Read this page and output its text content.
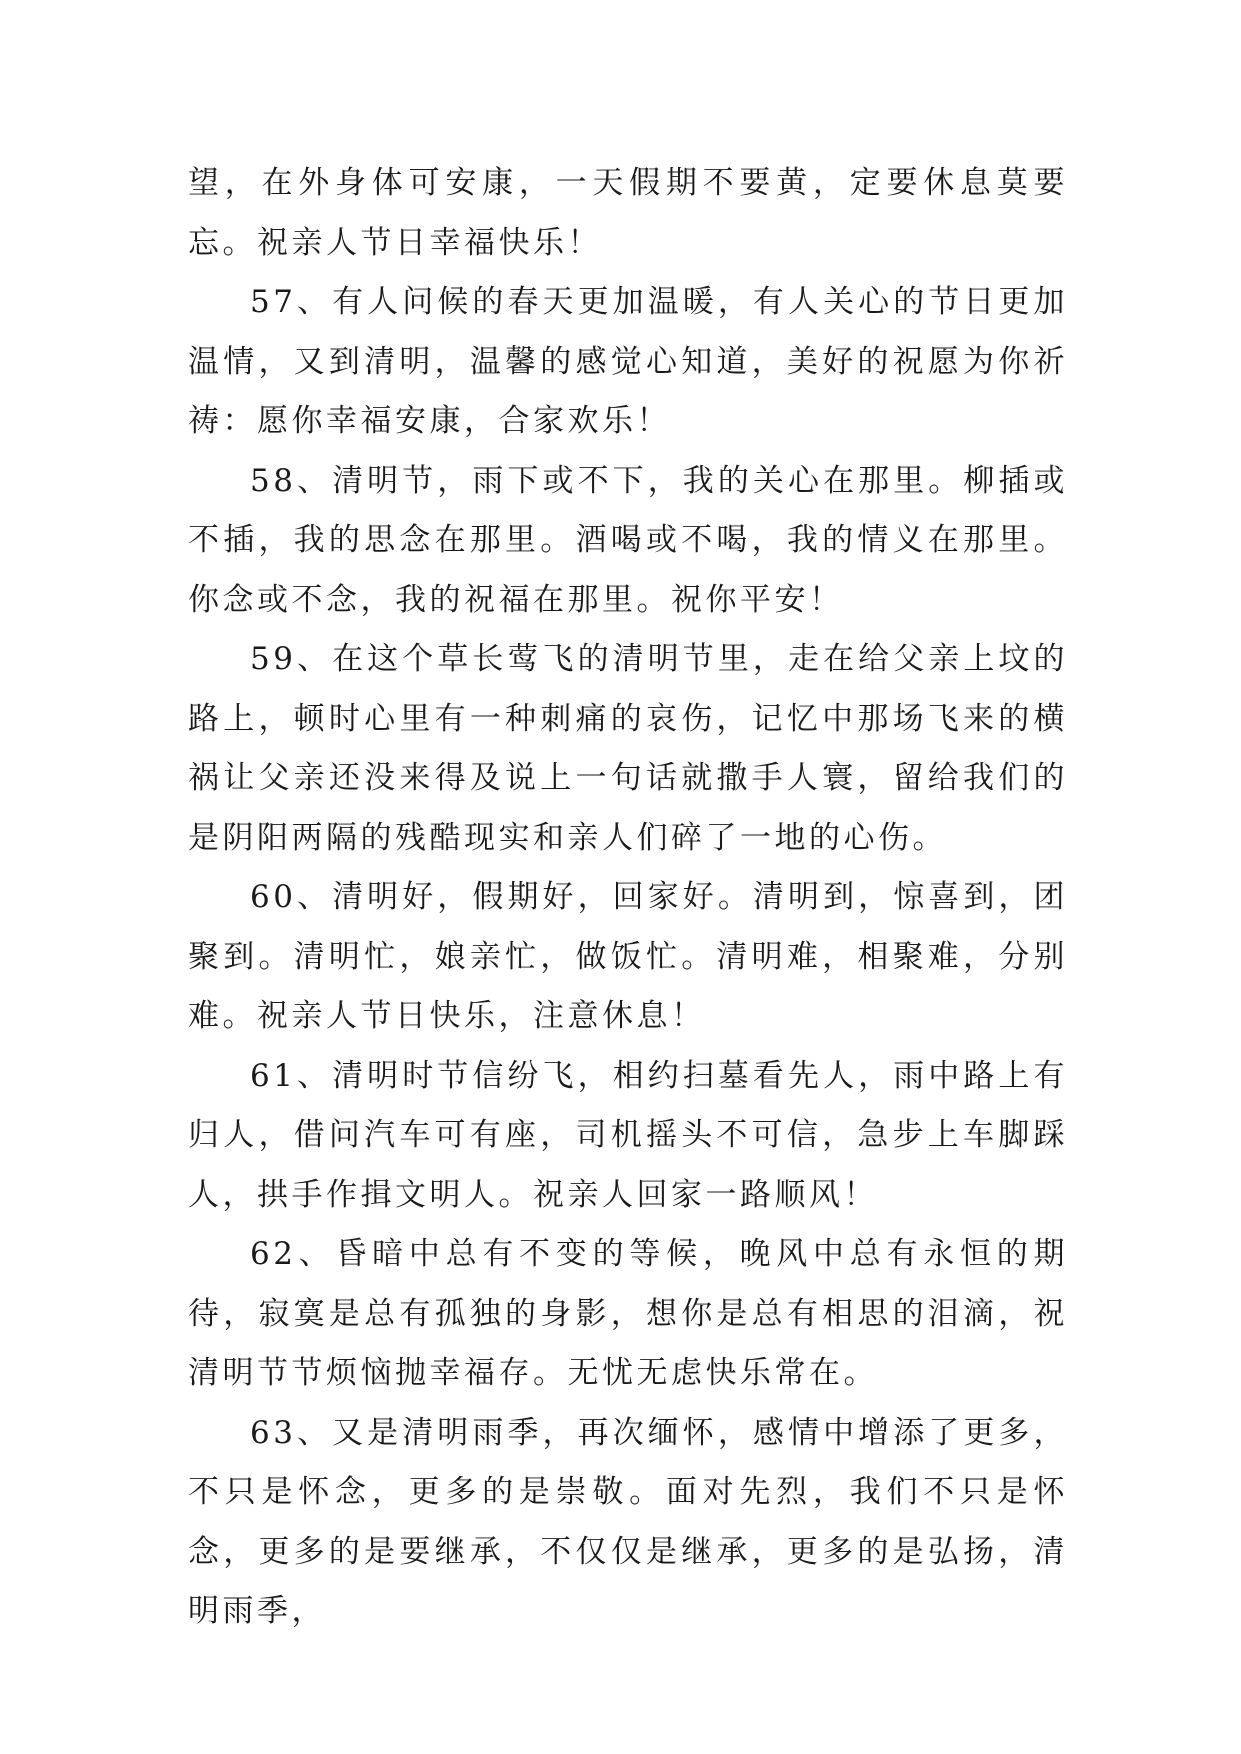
望，在外身体可安康，一天假期不要黄，定要休息莫要忘。祝亲人节日幸福快乐！

57、有人问候的春天更加温暖，有人关心的节日更加温情，又到清明，温馨的感觉心知道，美好的祝愿为你祈祷：愿你幸福安康，合家欢乐！

58、清明节，雨下或不下，我的关心在那里。柳插或不插，我的思念在那里。酒喝或不喝，我的情义在那里。你念或不念，我的祝福在那里。祝你平安！

59、在这个草长莺飞的清明节里，走在给父亲上坟的路上，顿时心里有一种刺痛的哀伤，记忆中那场飞来的横祸让父亲还没来得及说上一句话就撒手人寰，留给我们的是阴阳两隔的残酷现实和亲人们碎了一地的心伤。

60、清明好，假期好，回家好。清明到，惊喜到，团聚到。清明忙，娘亲忙，做饭忙。清明难，相聚难，分别难。祝亲人节日快乐，注意休息！

61、清明时节信纷飞，相约扫墓看先人，雨中路上有归人，借问汽车可有座，司机摇头不可信，急步上车脚踩人，拱手作揖文明人。祝亲人回家一路顺风！

62、昏暗中总有不变的等候，晚风中总有永恒的期待，寂寞是总有孤独的身影，想你是总有相思的泪滴，祝清明节节烦恼抛幸福存。无忧无虑快乐常在。

63、又是清明雨季，再次缅怀，感情中增添了更多，不只是怀念，更多的是崇敬。面对先烈，我们不只是怀念，更多的是要继承，不仅仅是继承，更多的是弘扬，清明雨季，
